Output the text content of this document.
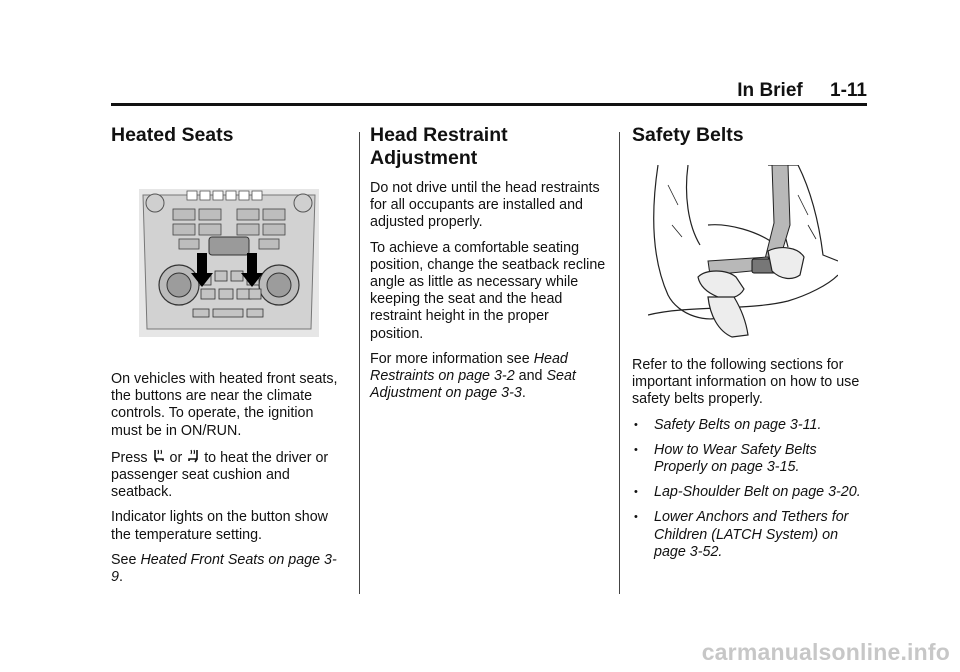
In Brief 1-11
Heated Seats

On vehicles with heated front seats, the buttons are near the climate controls. To operate, the ignition must be in ON/RUN.

Press or to heat the driver or
passenger seat cushion and seatback.

Indicator lights on the button show the temperature setting.

See Heated Front Seats on page 3-9.

Head Restraint Adjustment

Do not drive until the head restraints for all occupants are installed and adjusted properly.

To achieve a comfortable seating position, change the seatback recline angle as little as necessary while keeping the seat and the head restraint height in the proper position.

For more information see Head Restraints on page 3-2 and Seat Adjustment on page 3-3.

Safety Belts

Refer to the following sections for important information on how to use safety belts properly.

• Safety Belts on page 3-11.
• How to Wear Safety Belts Properly on page 3-15.
• Lap-Shoulder Belt on page 3-20.
• Lower Anchors and Tethers for Children (LATCH System) on page 3-52.
carmanualsonline.info
